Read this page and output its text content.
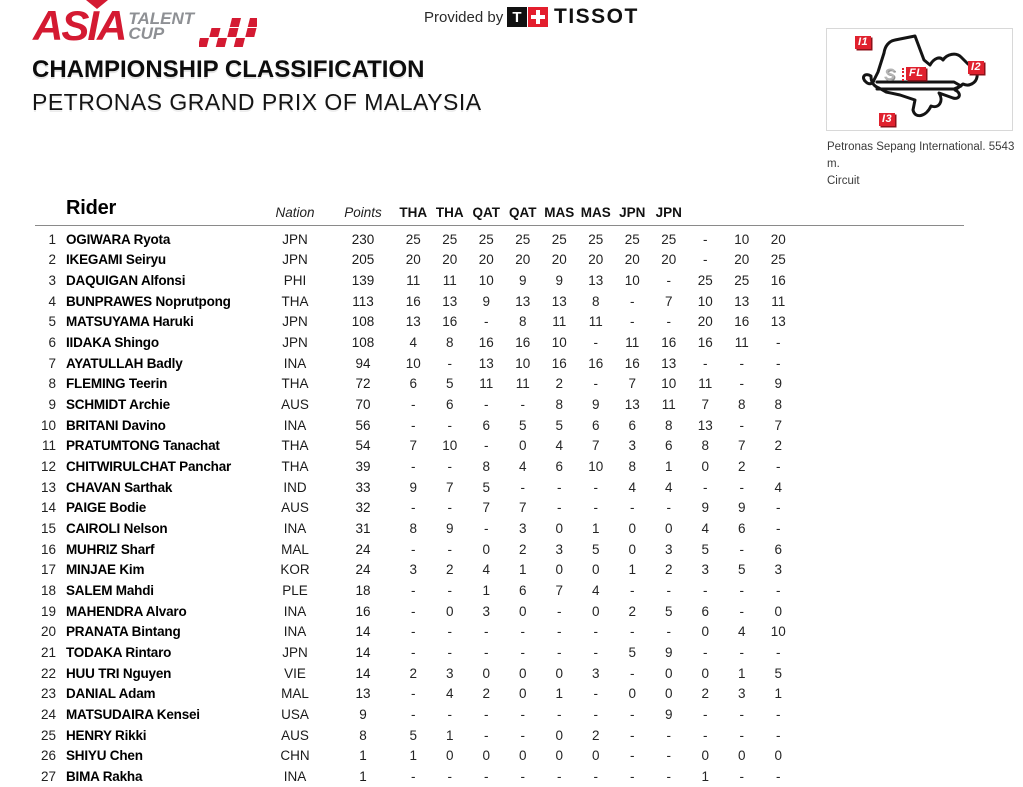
ASIA TALENT
CUP
Provided by T TISSOT
CHAMPIONSHIP CLASSIFICATION
PETRONAS GRAND PRIX OF MALAYSIA
I1
I2
I3
S FL
Petronas Sepang International. 5543 m.
Circuit
Rider	Nation	Points	THA THA QAT QAT MAS MAS JPN JPN
1 OGIWARA Ryota	JPN	230	25	25	25	25	25	25	25	25	-	10	20
2 IKEGAMI Seiryu	JPN	205	20	20	20	20	20	20	20	20	-	20	25
3 DAQUIGAN Alfonsi	PHI	139	11	11	10	9	9	13	10	-	25	25	16
4 BUNPRAWES Noprutpong	THA	113	16	13	9	13	13	8	-	7	10	13	11
5 MATSUYAMA Haruki	JPN	108	13	16	-	8	11	11	-	-	20	16	13
6 IIDAKA Shingo	JPN	108	4	8	16	16	10	-	11	16	16	11	-
7 AYATULLAH Badly	INA	94	10	-	13	10	16	16	16	13	-	-	-
8 FLEMING Teerin	THA	72	6	5	11	11	2	-	7	10	11	-	9
9 SCHMIDT Archie	AUS	70	-	6	-	-	8	9	13	11	7	8	8
10 BRITANI Davino	INA	56	-	-	6	5	5	6	6	8	13	-	7
11 PRATUMTONG Tanachat	THA	54	7	10	-	0	4	7	3	6	8	7	2
12 CHITWIRULCHAT Panchar	THA	39	-	-	8	4	6	10	8	1	0	2	-
13 CHAVAN Sarthak	IND	33	9	7	5	-	-	-	4	4	-	-	4
14 PAIGE Bodie	AUS	32	-	-	7	7	-	-	-	-	9	9	-
15 CAIROLI Nelson	INA	31	8	9	-	3	0	1	0	0	4	6	-
16 MUHRIZ Sharf	MAL	24	-	-	0	2	3	5	0	3	5	-	6
17 MINJAE Kim	KOR	24	3	2	4	1	0	0	1	2	3	5	3
18 SALEM Mahdi	PLE	18	-	-	1	6	7	4	-	-	-	-	-
19 MAHENDRA Alvaro	INA	16	-	0	3	0	-	0	2	5	6	-	0
20 PRANATA Bintang	INA	14	-	-	-	-	-	-	-	-	0	4	10
21 TODAKA Rintaro	JPN	14	-	-	-	-	-	-	5	9	-	-	-
22 HUU TRI Nguyen	VIE	14	2	3	0	0	0	3	-	0	0	1	5
23 DANIAL Adam	MAL	13	-	4	2	0	1	-	0	0	2	3	1
24 MATSUDAIRA Kensei	USA	9	-	-	-	-	-	-	-	9	-	-	-
25 HENRY Rikki	AUS	8	5	1	-	-	0	2	-	-	-	-	-
26 SHIYU Chen	CHN	1	1	0	0	0	0	0	-	-	0	0	0
27 BIMA Rakha	INA	1	-	-	-	-	-	-	-	-	1	-	-
